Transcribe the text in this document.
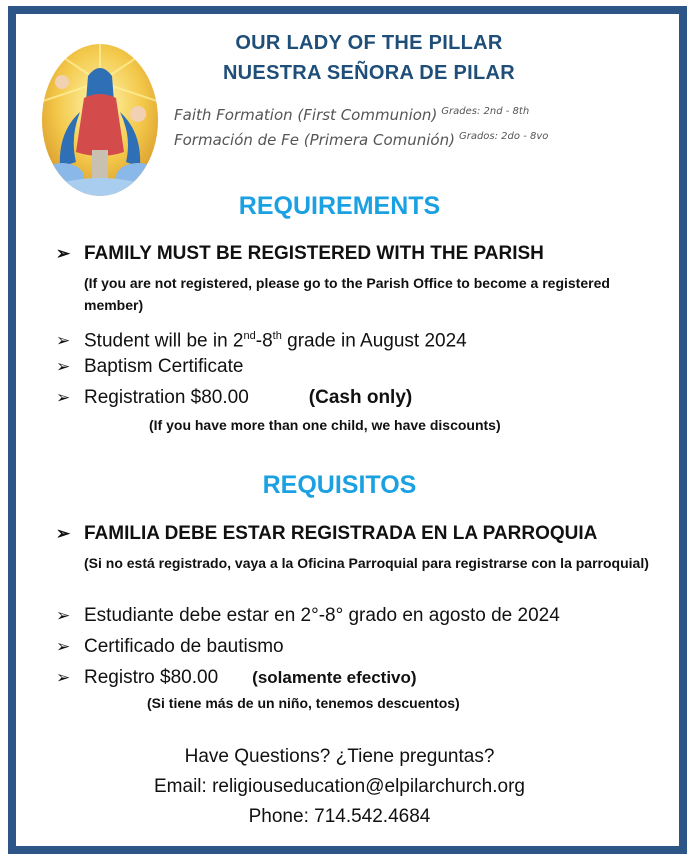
OUR LADY OF THE PILLAR
NUESTRA SEÑORA DE PILAR
Faith Formation (First Communion) $^{Grades: 2nd - 8th}$
Formación de Fe (Primera Comunión) $^{Grados: 2do - 8vo}$
REQUIREMENTS
➢ FAMILY MUST BE REGISTERED WITH THE PARISH
(If you are not registered, please go to the Parish Office to become a registered member)
➢ Student will be in 2nd-8th grade in August 2024
➢ Baptism Certificate
➢ Registration $80.00	(Cash only)
(If you have more than one child, we have discounts)
REQUISITOS
➢ FAMILIA DEBE ESTAR REGISTRADA EN LA PARROQUIA
(Si no está registrado, vaya a la Oficina Parroquial para registrarse con la parroquial)
➢ Estudiante debe estar en 2°-8° grado en agosto de 2024
➢ Certificado de bautismo
➢ Registro $80.00 (solamente efectivo)
(Si tiene más de un niño, tenemos descuentos)
Have Questions? ¿Tiene preguntas?
Email: religiouseducation@elpilarchurch.org
Phone: 714.542.4684
